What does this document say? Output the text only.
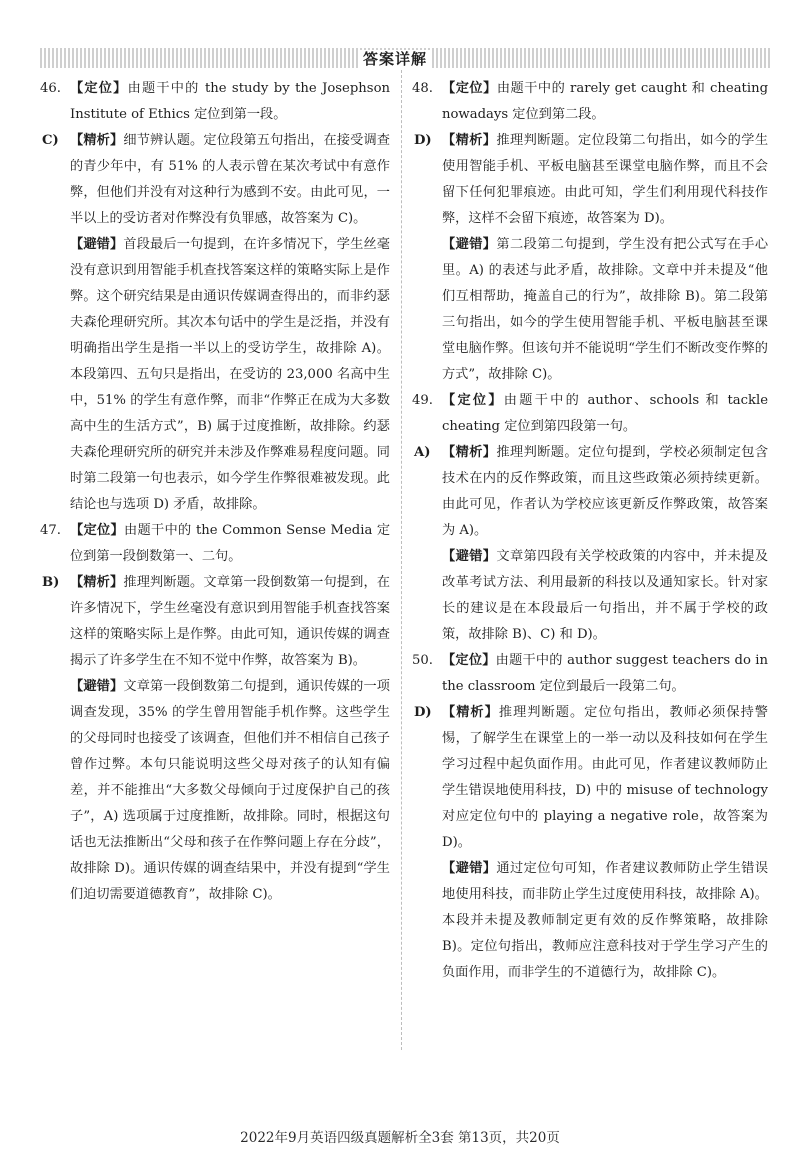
答案详解
46. 【定位】由题干中的 the study by the Josephson Institute of Ethics 定位到第一段。
C) 【精析】细节辨认题。定位段第五句指出，在接受调查的青少年中，有 51% 的人表示曾在某次考试中有意作弊，但他们并没有对这种行为感到不安。由此可见，一半以上的受访者对作弊没有负罪感，故答案为 C)。
【避错】首段最后一句提到，在许多情况下，学生丝毫没有意识到用智能手机查找答案这样的策略实际上是作弊。这个研究结果是由通识传媒调查得出的，而非约瑟夫森伦理研究所。其次本句话中的学生是泛指，并没有明确指出学生是指一半以上的受访学生，故排除 A)。本段第四、五句只是指出，在受访的 23,000 名高中生中，51% 的学生有意作弊，而非“作弊正在成为大多数高中生的生活方式”，B) 属于过度推断，故排除。约瑟夫森伦理研究所的研究并未涉及作弊难易程度问题。同时第二段第一句也表示，如今学生作弊很难被发现。此结论也与选项 D) 矛盾，故排除。
47. 【定位】由题干中的 the Common Sense Media 定位到第一段倒数第一、二句。
B) 【精析】推理判断题。文章第一段倒数第一句提到，在许多情况下，学生丝毫没有意识到用智能手机查找答案这样的策略实际上是作弊。由此可知，通识传媒的调查揭示了许多学生在不知不觉中作弊，故答案为 B)。
【避错】文章第一段倒数第二句提到，通识传媒的一项调查发现，35% 的学生曾用智能手机作弊。这些学生的父母同时也接受了该调查，但他们并不相信自己孩子曾作过弊。本句只能说明这些父母对孩子的认知有偏差，并不能推出“大多数父母倾向于过度保护自己的孩子”，A) 选项属于过度推断，故排除。同时，根据这句话也无法推断出“父母和孩子在作弊问题上存在分歧”，故排除 D)。通识传媒的调查结果中，并没有提到“学生们迫切需要道德教育”，故排除 C)。
48. 【定位】由题干中的 rarely get caught 和 cheating nowadays 定位到第二段。
D) 【精析】推理判断题。定位段第二句指出，如今的学生使用智能手机、平板电脑甚至课堂电脑作弊，而且不会留下任何犯罪痕迹。由此可知，学生们利用现代科技作弊，这样不会留下痕迹，故答案为 D)。
【避错】第二段第二句提到，学生没有把公式写在手心里。A) 的表述与此矛盾，故排除。文章中并未提及“他们互相帮助，掩盖自己的行为”，故排除 B)。第二段第三句指出，如今的学生使用智能手机、平板电脑甚至课堂电脑作弊。但该句并不能说明“学生们不断改变作弊的方式”，故排除 C)。
49. 【定位】由题干中的 author、schools 和 tackle cheating 定位到第四段第一句。
A) 【精析】推理判断题。定位句提到，学校必须制定包含技术在内的反作弊政策，而且这些政策必须持续更新。由此可见，作者认为学校应该更新反作弊政策，故答案为 A)。
【避错】文章第四段有关学校政策的内容中，并未提及改革考试方法、利用最新的科技以及通知家长。针对家长的建议是在本段最后一句指出，并不属于学校的政策，故排除 B)、C) 和 D)。
50. 【定位】由题干中的 author suggest teachers do in the classroom 定位到最后一段第二句。
D) 【精析】推理判断题。定位句指出，教师必须保持警惕，了解学生在课堂上的一举一动以及科技如何在学生学习过程中起负面作用。由此可见，作者建议教师防止学生错误地使用科技，D) 中的 misuse of technology 对应定位句中的 playing a negative role，故答案为 D)。
【避错】通过定位句可知，作者建议教师防止学生错误地使用科技，而非防止学生过度使用科技，故排除 A)。本段并未提及教师制定更有效的反作弊策略，故排除 B)。定位句指出，教师应注意科技对于学生学习产生的负面作用，而非学生的不道德行为，故排除 C)。
2022年9月英语四级真题解析全3套 第13页，共20页
